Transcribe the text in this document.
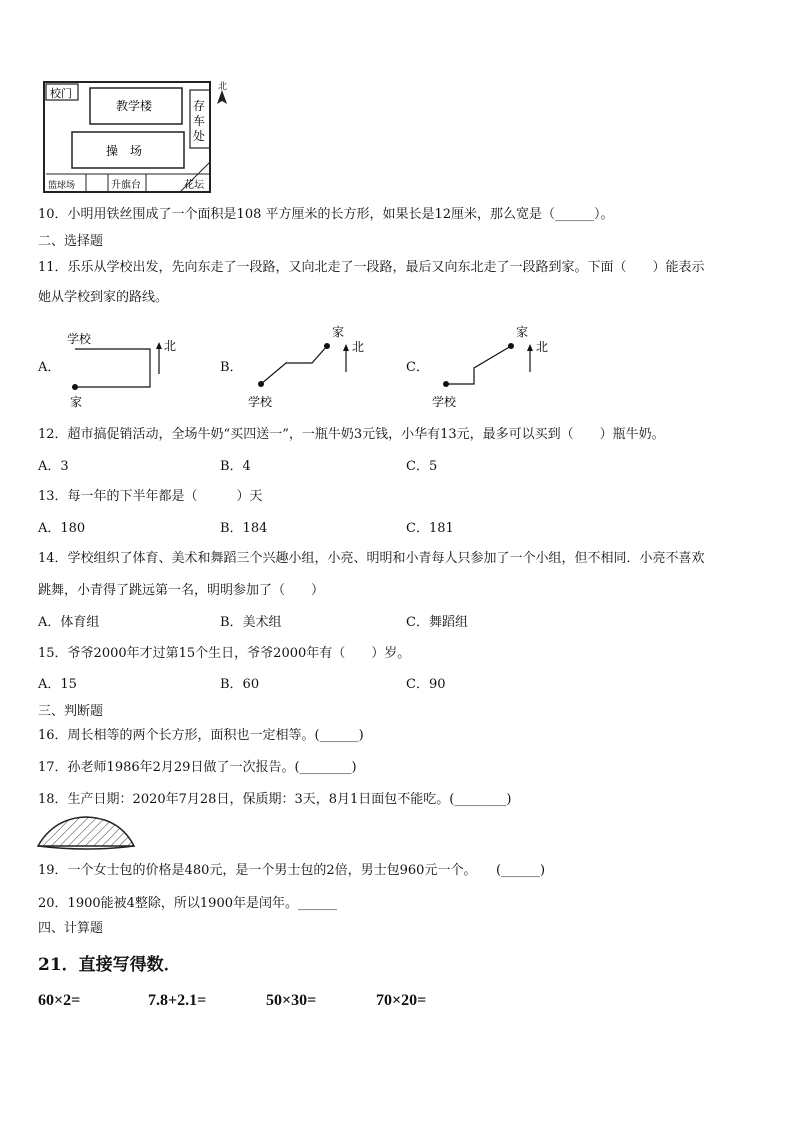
校门
教学楼
操　场
存
车
处
篮球场	升旗台	花坛
北
10．小明用铁丝围成了一个面积是108 平方厘米的长方形，如果长是12厘米，那么宽是（______）。
二、选择题
11．乐乐从学校出发，先向东走了一段路，又向北走了一段路，最后又向东北走了一段路到家。下面（　　）能表示
她从学校到家的路线。
A．
学校
家
北
B．
家
学校
北
C．
家
学校
北
12．超市搞促销活动，全场牛奶“买四送一”，一瓶牛奶3元钱，小华有13元，最多可以买到（　　）瓶牛奶。
A．3	B．4	C．5
13．每一年的下半年都是（　　　）天
A．180	B．184	C．181
14．学校组织了体育、美术和舞蹈三个兴趣小组，小亮、明明和小青每人只参加了一个小组，但不相同．小亮不喜欢
跳舞，小青得了跳远第一名，明明参加了（　　）
A．体育组	B．美术组	C．舞蹈组
15．爷爷2000年才过第15个生日，爷爷2000年有（　　）岁。
A．15	B．60	C．90
三、判断题
16．周长相等的两个长方形，面积也一定相等。(______)
17．孙老师1986年2月29日做了一次报告。(________)
18．生产日期：2020年7月28日，保质期：3天，8月1日面包不能吃。(________)
19．一个女士包的价格是480元，是一个男士包的2倍，男士包960元一个。　　(______)
20．1900能被4整除，所以1900年是闰年。______
四、计算题
21．直接写得数．
60×2=	7.8+2.1=	50×30=	70×20=
